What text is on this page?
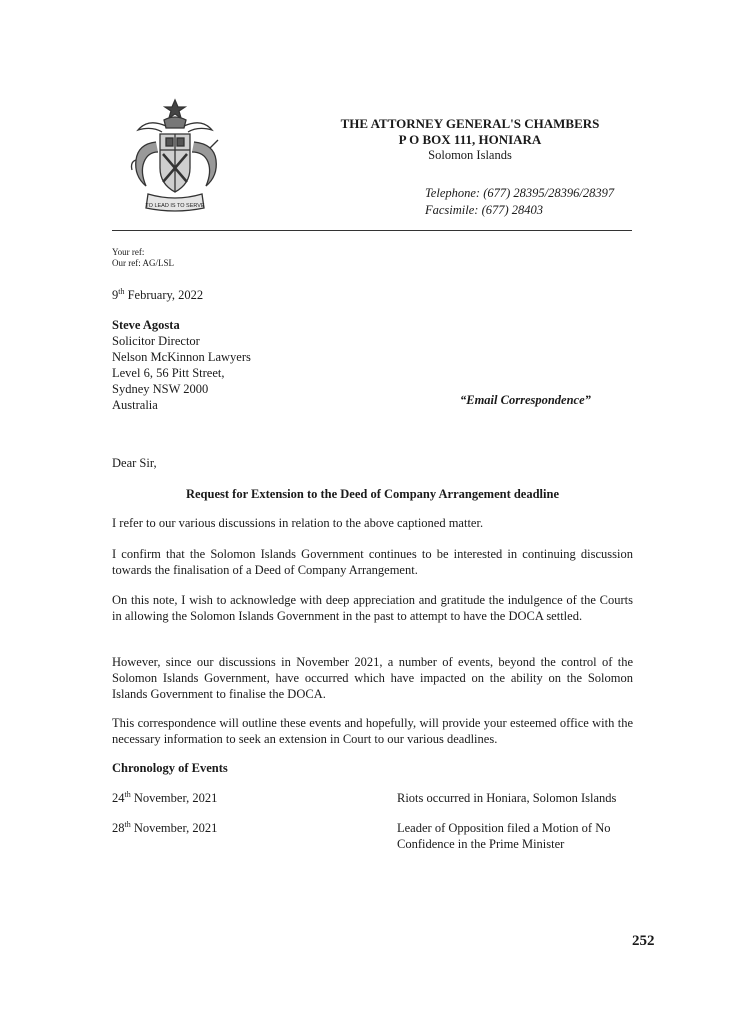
TO LEAD IS TO SERVE
THE ATTORNEY GENERAL'S CHAMBERS
P O BOX 111, HONIARA
Solomon Islands
Telephone: (677) 28395/28396/28397
Facsimile: (677) 28403
Your ref:
Our ref: AG/LSL
9th February, 2022
Steve Agosta
Solicitor Director
Nelson McKinnon Lawyers
Level 6, 56 Pitt Street,
Sydney NSW 2000
Australia	“Email Correspondence”
Dear Sir,
Request for Extension to the Deed of Company Arrangement deadline
I refer to our various discussions in relation to the above captioned matter.
I confirm that the Solomon Islands Government continues to be interested in continuing discussion towards the finalisation of a Deed of Company Arrangement.
On this note, I wish to acknowledge with deep appreciation and gratitude the indulgence of the Courts in allowing the Solomon Islands Government in the past to attempt to have the DOCA settled.
However, since our discussions in November 2021, a number of events, beyond the control of the Solomon Islands Government, have occurred which have impacted on the ability on the Solomon Islands Government to finalise the DOCA.
This correspondence will outline these events and hopefully, will provide your esteemed office with the necessary information to seek an extension in Court to our various deadlines.
Chronology of Events
24th November, 2021	Riots occurred in Honiara, Solomon Islands
28th November, 2021	Leader of Opposition filed a Motion of No Confidence in the Prime Minister
252
